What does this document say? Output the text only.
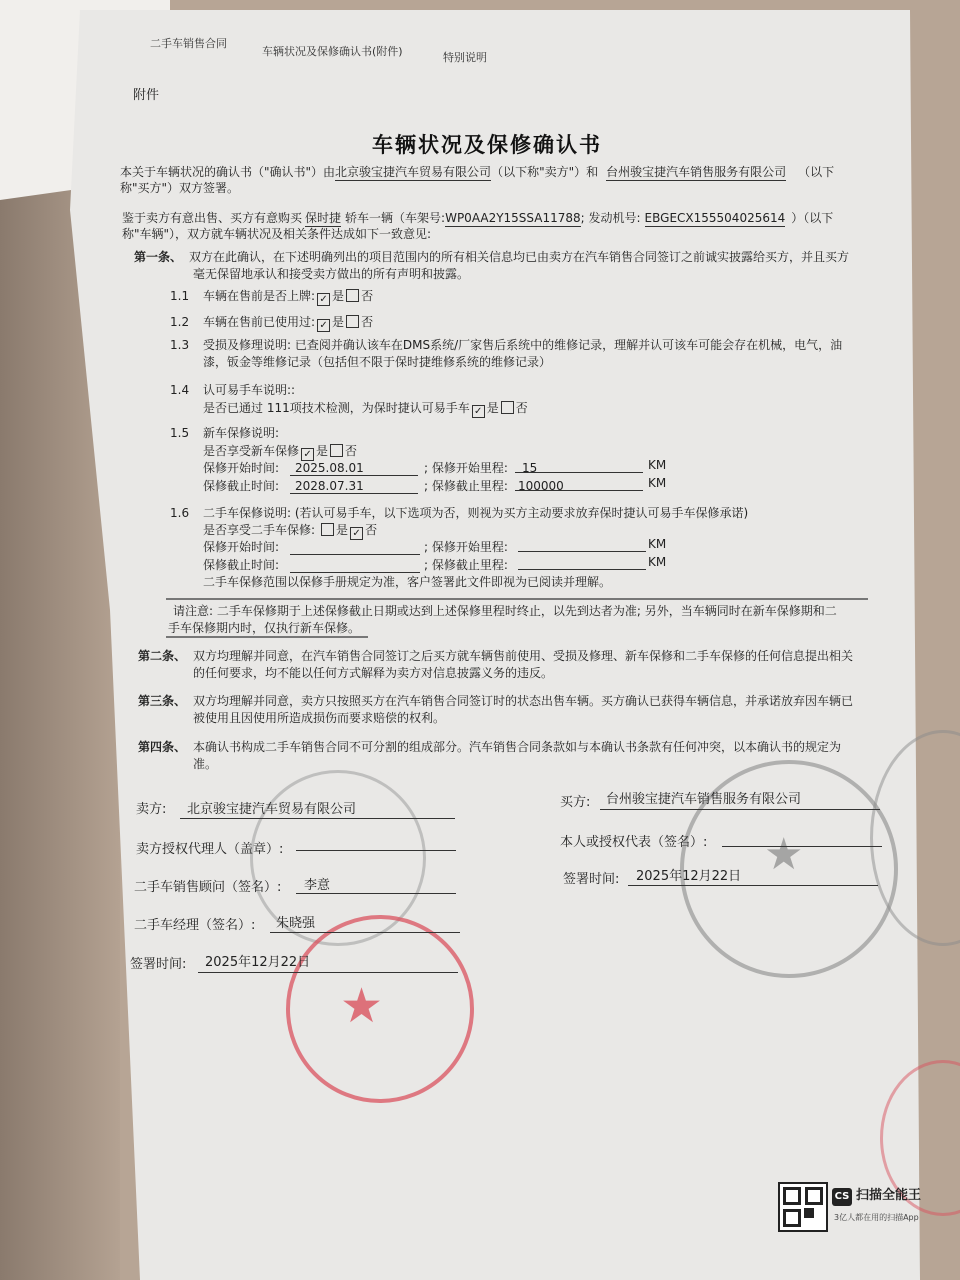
二手车销售合同
车辆状况及保修确认书(附件)	特别说明
附件
车辆状况及保修确认书
本关于车辆状况的确认书（"确认书"）由北京骏宝捷汽车贸易有限公司（以下称"卖方"）和 台州骏宝捷汽车销售服务有限公司 （以下
称"买方"）双方签署。
鉴于卖方有意出售、买方有意购买 保时捷 轿车一辆（车架号:WP0AA2Y15SSA11788; 发动机号: EBGECX155504025614 ）（以下
称"车辆"），双方就车辆状况及相关条件达成如下一致意见:
第一条、 双方在此确认，在下述明确列出的项目范围内的所有相关信息均已由卖方在汽车销售合同签订之前诚实披露给买方，并且买方
毫无保留地承认和接受卖方做出的所有声明和披露。
1.1 车辆在售前是否上牌: ✓ 是 否
1.2 车辆在售前已使用过: ✓ 是 否
1.3 受损及修理说明: 已查阅并确认该车在DMS系统/厂家售后系统中的维修记录，理解并认可该车可能会存在机械，电气，油
漆，钣金等维修记录（包括但不限于保时捷维修系统的维修记录）
1.4 认可易手车说明::
是否已通过 111项技术检测，为保时捷认可易手车 ✓ 是 否
1.5 新车保修说明:
是否享受新车保修 ✓ 是 否
保修开始时间: 2025.08.01	; 保修开始里程: 15	KM
保修截止时间: 2028.07.31	; 保修截止里程: 100000	KM
1.6 二手车保修说明: (若认可易手车，以下选项为否，则视为买方主动要求放弃保时捷认可易手车保修承诺)
是否享受二手车保修: 是 ✓ 否
保修开始时间:	; 保修开始里程:	KM
保修截止时间:	; 保修截止里程:	KM
二手车保修范围以保修手册规定为准，客户签署此文件即视为已阅读并理解。
请注意: 二手车保修期于上述保修截止日期或达到上述保修里程时终止，以先到达者为准; 另外，当车辆同时在新车保修期和二
手车保修期内时，仅执行新车保修。
第二条、 双方均理解并同意，在汽车销售合同签订之后买方就车辆售前使用、受损及修理、新车保修和二手车保修的任何信息提出相关
的任何要求，均不能以任何方式解释为卖方对信息披露义务的违反。
第三条、 双方均理解并同意，卖方只按照买方在汽车销售合同签订时的状态出售车辆。买方确认已获得车辆信息，并承诺放弃因车辆已
被使用且因使用所造成损伤而要求赔偿的权利。
第四条、 本确认书构成二手车销售合同不可分割的组成部分。汽车销售合同条款如与本确认书条款有任何冲突，以本确认书的规定为
准。
★
★
卖方: 北京骏宝捷汽车贸易有限公司
卖方授权代理人（盖章）:
二手车销售顾问（签名）: 李意
二手车经理（签名）: 朱晓强
签署时间: 2025年12月22日
买方: 台州骏宝捷汽车销售服务有限公司
本人或授权代表（签名）:
签署时间: 2025年12月22日
CS 扫描全能王
3亿人都在用的扫描App
